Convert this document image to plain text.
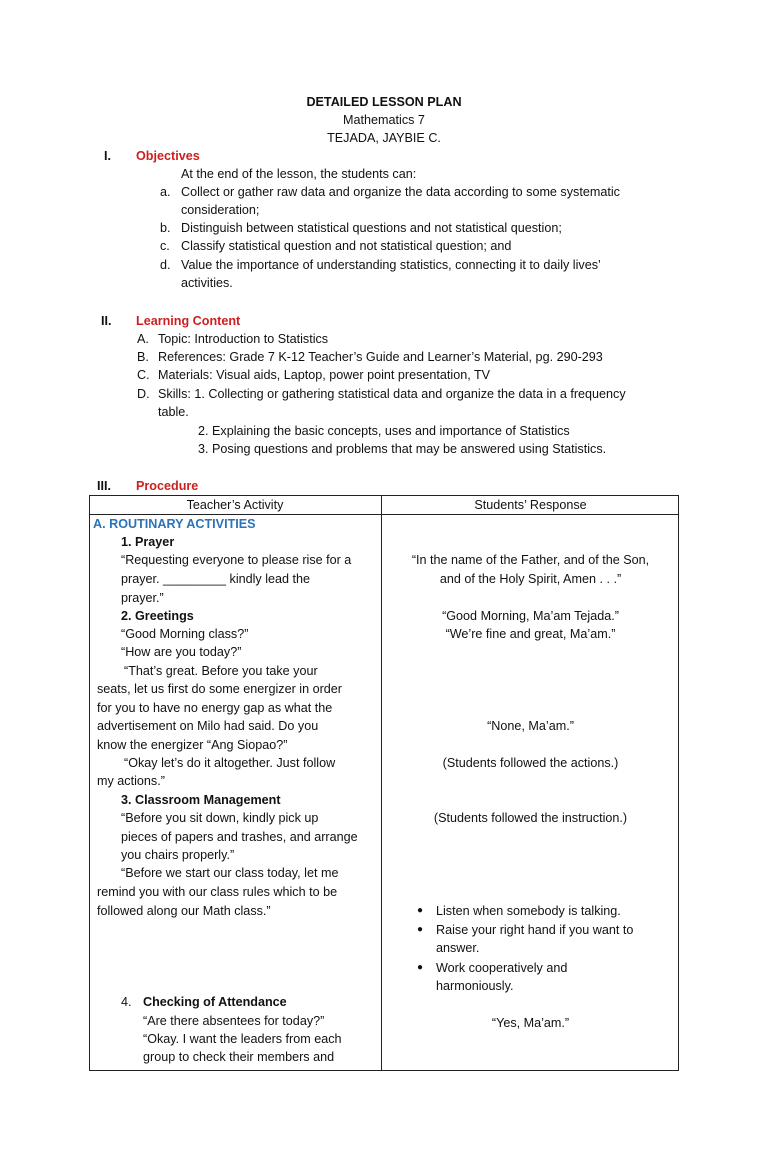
DETAILED LESSON PLAN
Mathematics 7
TEJADA, JAYBIE C.
I. Objectives
At the end of the lesson, the students can:
a. Collect or gather raw data and organize the data according to some systematic
consideration;
b. Distinguish between statistical questions and not statistical question;
c. Classify statistical question and not statistical question; and
d. Value the importance of understanding statistics, connecting it to daily lives’
activities.
II. Learning Content
A. Topic: Introduction to Statistics
B. References: Grade 7 K-12 Teacher’s Guide and Learner’s Material, pg. 290-293
C. Materials: Visual aids, Laptop, power point presentation, TV
D. Skills: 1. Collecting or gathering statistical data and organize the data in a frequency
table.
2. Explaining the basic concepts, uses and importance of Statistics
3. Posing questions and problems that may be answered using Statistics.
III. Procedure
Teacher’s Activity	Students’ Response
A. ROUTINARY ACTIVITIES
1. Prayer
“Requesting everyone to please rise for a
prayer. _________ kindly lead the
prayer.”
2. Greetings
“Good Morning class?”
“How are you today?”
“That’s great. Before you take your
seats, let us first do some energizer in order
for you to have no energy gap as what the
advertisement on Milo had said. Do you
know the energizer “Ang Siopao?”
“Okay let’s do it altogether. Just follow
my actions.”
3. Classroom Management
“Before you sit down, kindly pick up
pieces of papers and trashes, and arrange
you chairs properly.”
“Before we start our class today, let me
remind you with our class rules which to be
followed along our Math class.”
4. Checking of Attendance
“Are there absentees for today?”
“Okay. I want the leaders from each
group to check their members and
“In the name of the Father, and of the Son,
and of the Holy Spirit, Amen . . .”
“Good Morning, Ma’am Tejada.”
“We’re fine and great, Ma’am.”
“None, Ma’am.”
(Students followed the actions.)
(Students followed the instruction.)
● Listen when somebody is talking.
● Raise your right hand if you want to
answer.
● Work cooperatively and
harmoniously.
“Yes, Ma’am.”
